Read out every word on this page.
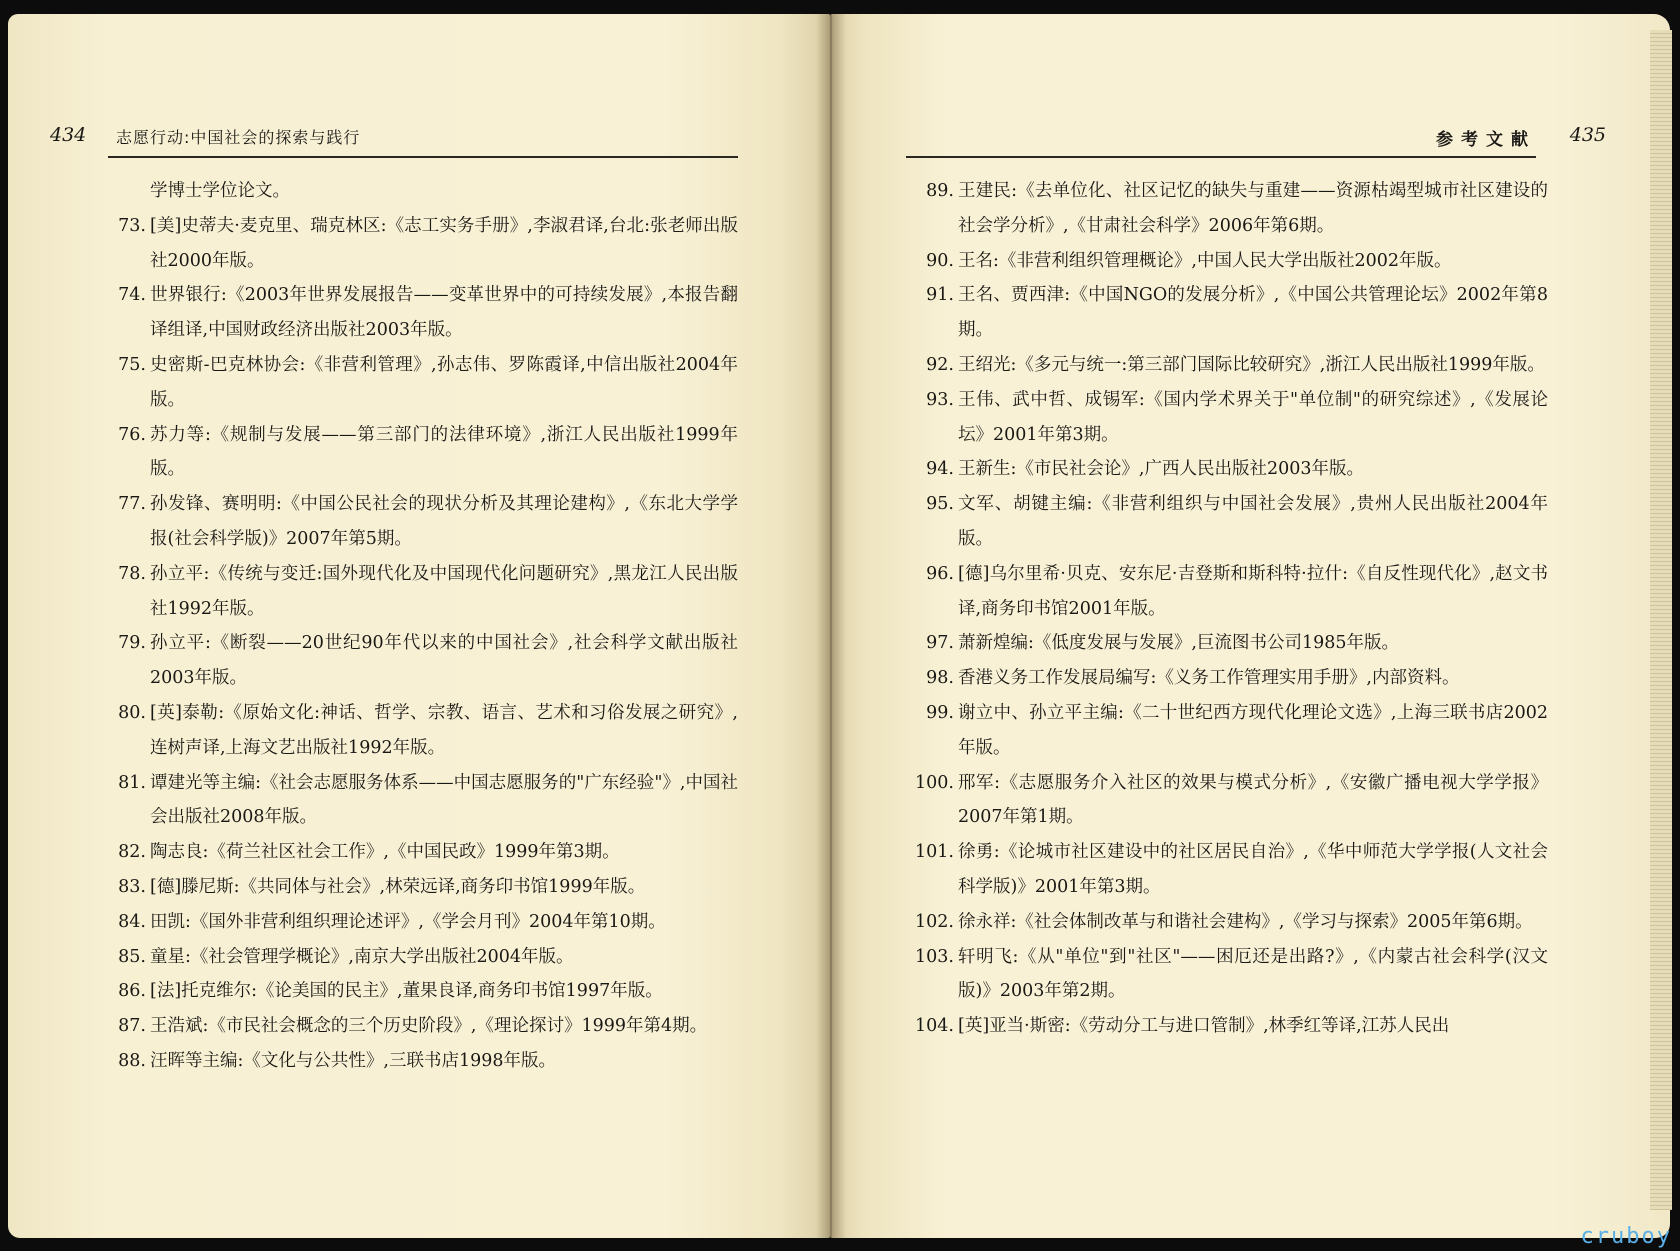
434 志愿行动:中国社会的探索与践行
学博士学位论文。
73. [美]史蒂夫·麦克里、瑞克林区:《志工实务手册》,李淑君译,台北:张老师出版社2000年版。
74. 世界银行:《2003年世界发展报告——变革世界中的可持续发展》,本报告翻译组译,中国财政经济出版社2003年版。
75. 史密斯-巴克林协会:《非营利管理》,孙志伟、罗陈霞译,中信出版社2004年版。
76. 苏力等:《规制与发展——第三部门的法律环境》,浙江人民出版社1999年版。
77. 孙发锋、赛明明:《中国公民社会的现状分析及其理论建构》,《东北大学学报(社会科学版)》2007年第5期。
78. 孙立平:《传统与变迁:国外现代化及中国现代化问题研究》,黑龙江人民出版社1992年版。
79. 孙立平:《断裂——20世纪90年代以来的中国社会》,社会科学文献出版社2003年版。
80. [英]泰勒:《原始文化:神话、哲学、宗教、语言、艺术和习俗发展之研究》,连树声译,上海文艺出版社1992年版。
81. 谭建光等主编:《社会志愿服务体系——中国志愿服务的"广东经验"》,中国社会出版社2008年版。
82. 陶志良:《荷兰社区社会工作》,《中国民政》1999年第3期。
83. [德]滕尼斯:《共同体与社会》,林荣远译,商务印书馆1999年版。
84. 田凯:《国外非营利组织理论述评》,《学会月刊》2004年第10期。
85. 童星:《社会管理学概论》,南京大学出版社2004年版。
86. [法]托克维尔:《论美国的民主》,董果良译,商务印书馆1997年版。
87. 王浩斌:《市民社会概念的三个历史阶段》,《理论探讨》1999年第4期。
88. 汪晖等主编:《文化与公共性》,三联书店1998年版。
参考文献 435
89. 王建民:《去单位化、社区记忆的缺失与重建——资源枯竭型城市社区建设的社会学分析》,《甘肃社会科学》2006年第6期。
90. 王名:《非营利组织管理概论》,中国人民大学出版社2002年版。
91. 王名、贾西津:《中国NGO的发展分析》,《中国公共管理论坛》2002年第8期。
92. 王绍光:《多元与统一:第三部门国际比较研究》,浙江人民出版社1999年版。
93. 王伟、武中哲、成锡军:《国内学术界关于"单位制"的研究综述》,《发展论坛》2001年第3期。
94. 王新生:《市民社会论》,广西人民出版社2003年版。
95. 文军、胡键主编:《非营利组织与中国社会发展》,贵州人民出版社2004年版。
96. [德]乌尔里希·贝克、安东尼·吉登斯和斯科特·拉什:《自反性现代化》,赵文书译,商务印书馆2001年版。
97. 萧新煌编:《低度发展与发展》,巨流图书公司1985年版。
98. 香港义务工作发展局编写:《义务工作管理实用手册》,内部资料。
99. 谢立中、孙立平主编:《二十世纪西方现代化理论文选》,上海三联书店2002年版。
100. 邢军:《志愿服务介入社区的效果与模式分析》,《安徽广播电视大学学报》2007年第1期。
101. 徐勇:《论城市社区建设中的社区居民自治》,《华中师范大学学报(人文社会科学版)》2001年第3期。
102. 徐永祥:《社会体制改革与和谐社会建构》,《学习与探索》2005年第6期。
103. 轩明飞:《从"单位"到"社区"——困厄还是出路?》,《内蒙古社会科学(汉文版)》2003年第2期。
104. [英]亚当·斯密:《劳动分工与进口管制》,林季红等译,江苏人民出
cruboy
